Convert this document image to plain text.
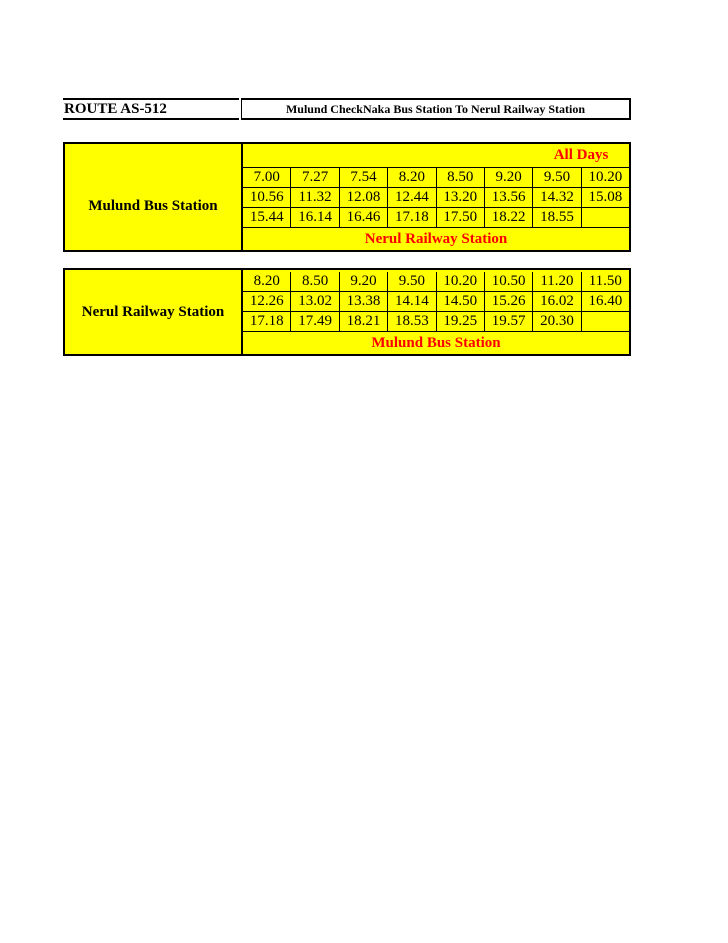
ROUTE AS-512	Mulund CheckNaka Bus Station To Nerul Railway Station
Mulund Bus Station
All Days
7.00	7.27	7.54	8.20	8.50	9.20	9.50	10.20
10.56 11.32 12.08 12.44 13.20 13.56 14.32 15.08
15.44 16.14 16.46 17.18 17.50 18.22 18.55
Nerul Railway Station
Nerul Railway Station
8.20	8.50	9.20	9.50	10.20 10.50 11.20	11.50
12.26 13.02 13.38 14.14 14.50 15.26 16.02 16.40
17.18 17.49 18.21 18.53 19.25 19.57 20.30
Mulund Bus Station
